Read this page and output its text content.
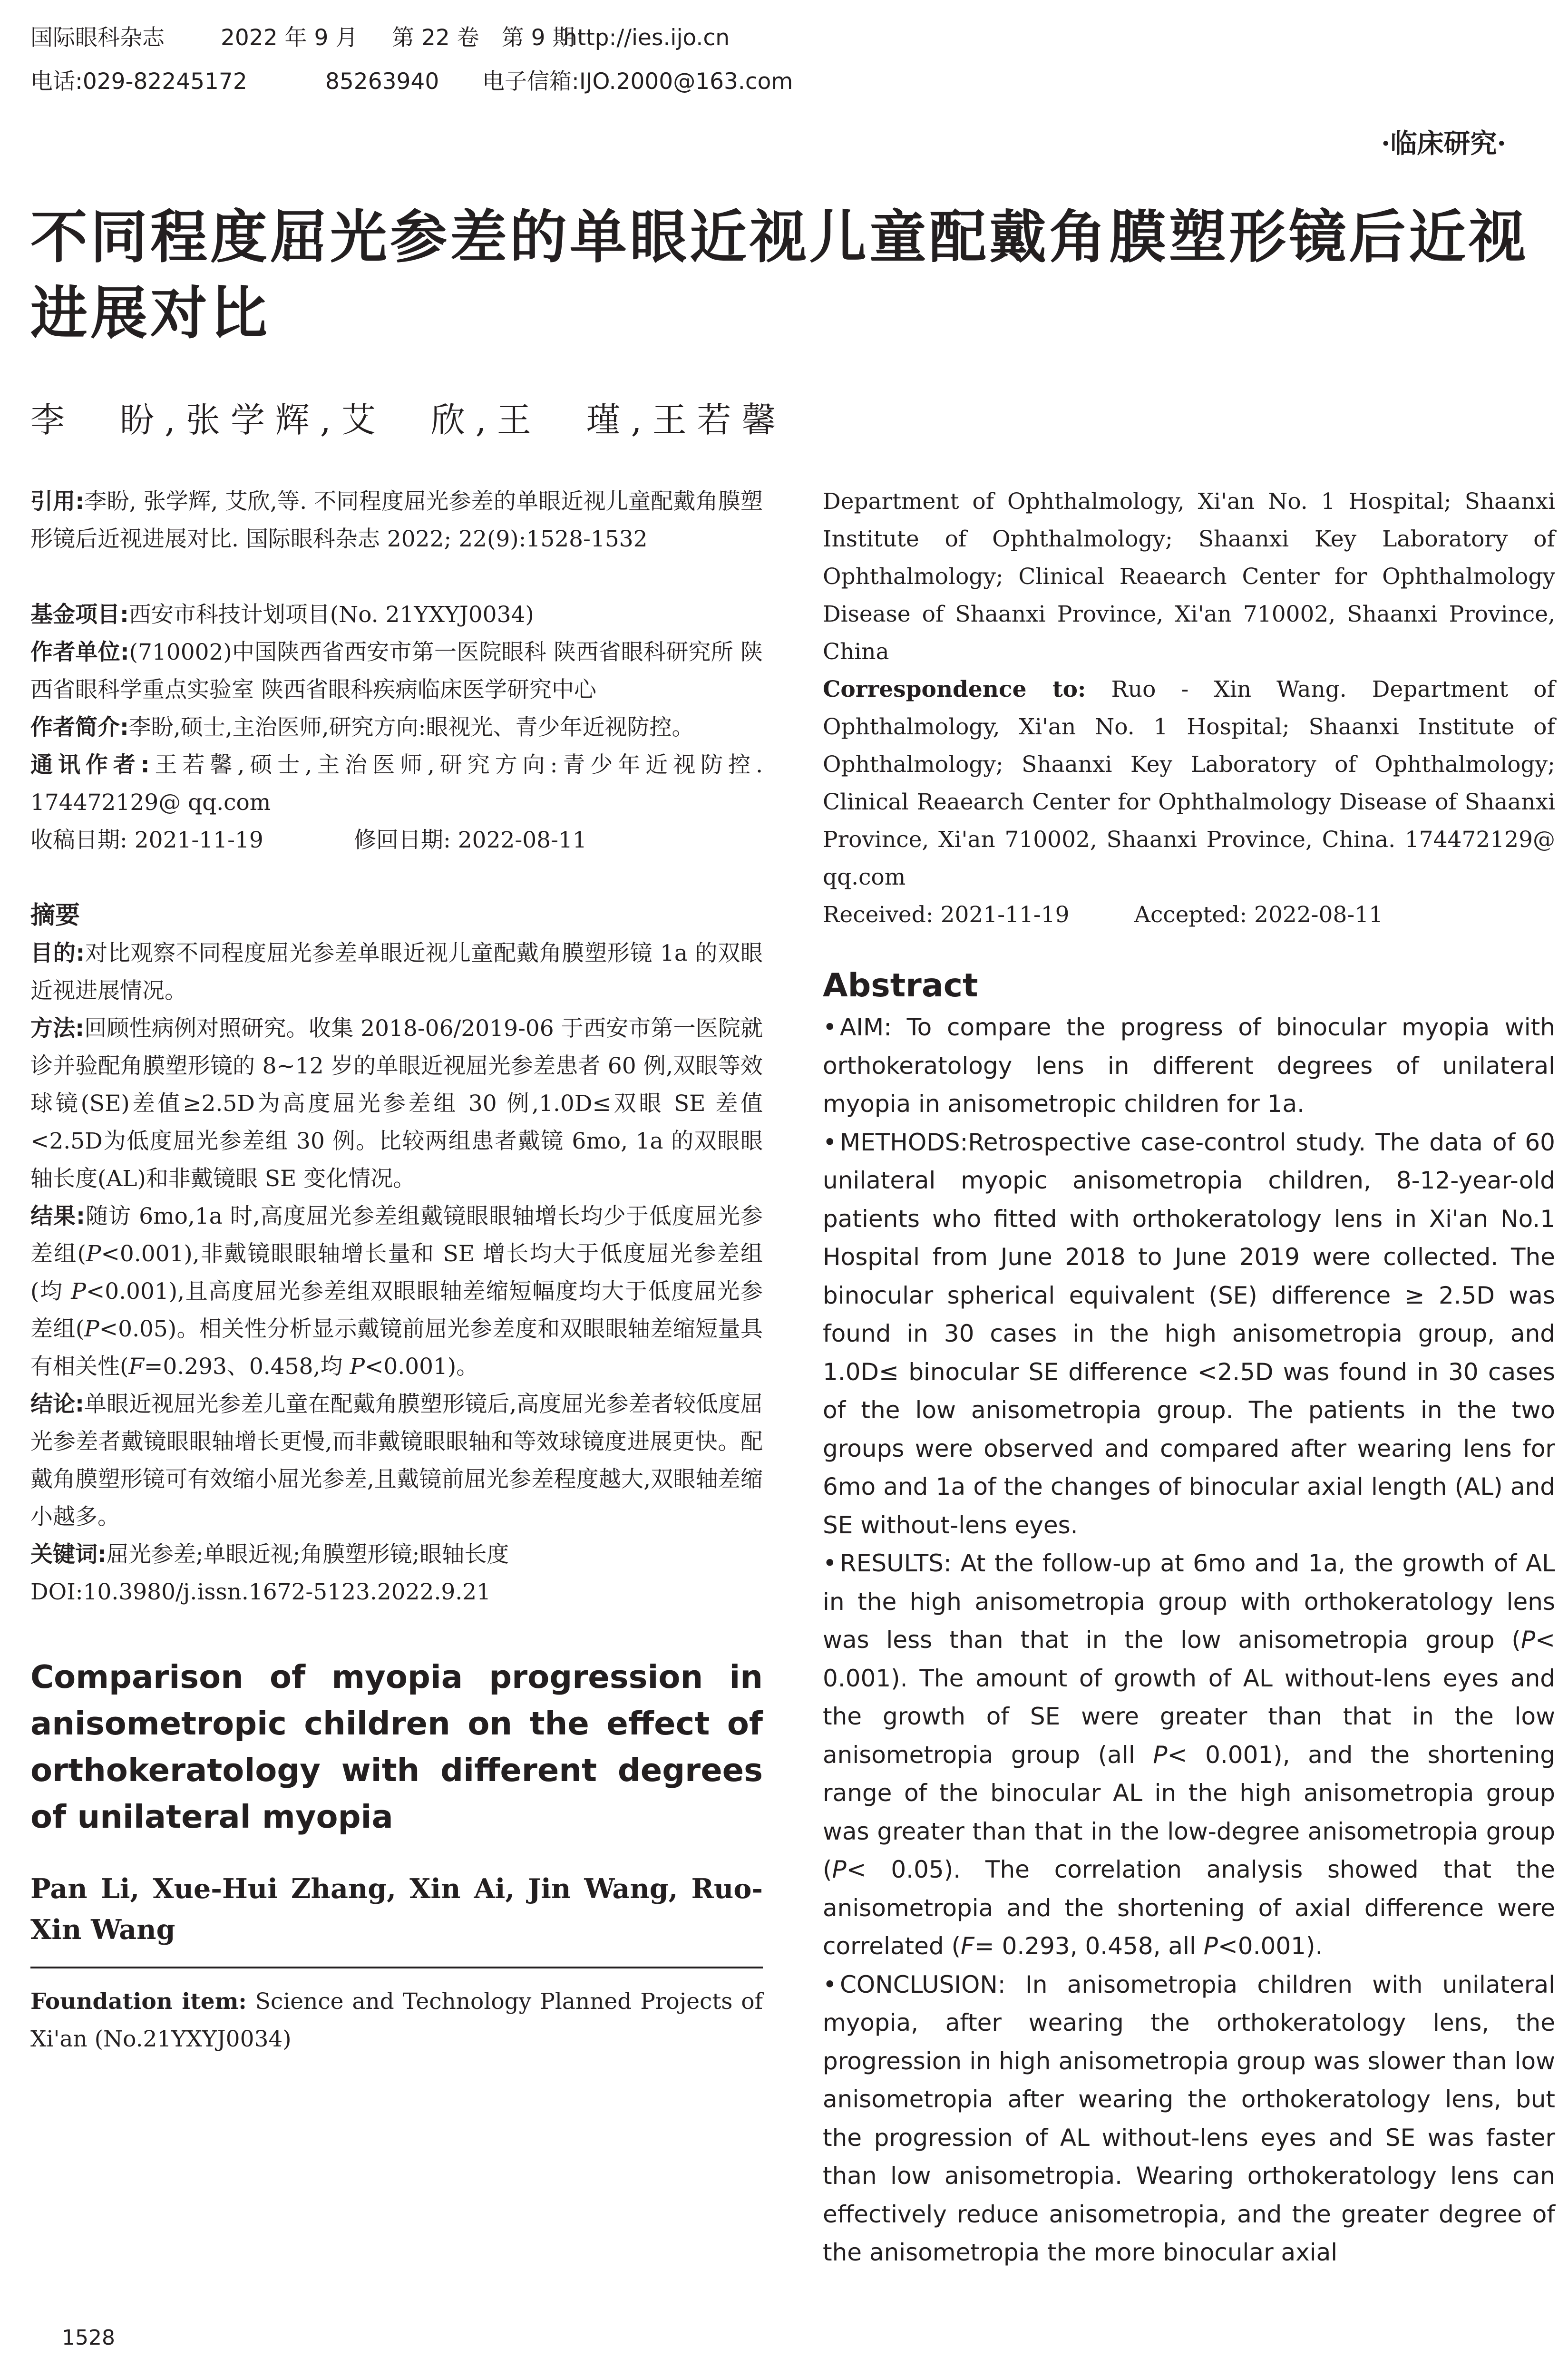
国际眼科杂志	2022 年 9 月 第 22 卷　 第 9 期http://ies.ijo.cn
电话:029-82245172	85263940 电子信箱:IJO.2000@163.com
·临床研究·
不同程度屈光参差的单眼近视儿童配戴角膜塑形镜后近视进展对比
李　盼,张学辉,艾　欣,王　瑾,王若馨

引用:李盼, 张学辉, 艾欣,等. 不同程度屈光参差的单眼近视儿童配戴角膜塑形镜后近视进展对比. 国际眼科杂志 2022; 22(9):1528-1532

基金项目:西安市科技计划项目(No. 21YXYJ0034)

作者单位:(710002)中国陕西省西安市第一医院眼科 陕西省眼科研究所 陕西省眼科学重点实验室 陕西省眼科疾病临床医学研究中心

作者简介:李盼,硕士,主治医师,研究方向:眼视光、青少年近视防控。

通讯作者:王若馨,硕士,主治医师,研究方向:青少年近视防控. 174472129@ qq.com

收稿日期: 2021-11-19	修回日期: 2022-08-11

摘要

目的:对比观察不同程度屈光参差单眼近视儿童配戴角膜塑形镜 1a 的双眼近视进展情况。

方法:回顾性病例对照研究。收集 2018-06/2019-06 于西安市第一医院就诊并验配角膜塑形镜的 8~12 岁的单眼近视屈光参差患者 60 例,双眼等效球镜(SE)差值≥2.5D为高度屈光参差组 30 例,1.0D≤双眼 SE 差值<2.5D为低度屈光参差组 30 例。比较两组患者戴镜 6mo, 1a 的双眼眼轴长度(AL)和非戴镜眼 SE 变化情况。

结果:随访 6mo,1a 时,高度屈光参差组戴镜眼眼轴增长均少于低度屈光参差组(P<0.001),非戴镜眼眼轴增长量和 SE 增长均大于低度屈光参差组(均 P<0.001),且高度屈光参差组双眼眼轴差缩短幅度均大于低度屈光参差组(P<0.05)。相关性分析显示戴镜前屈光参差度和双眼眼轴差缩短量具有相关性(F=0.293、0.458,均 P<0.001)。

结论:单眼近视屈光参差儿童在配戴角膜塑形镜后,高度屈光参差者较低度屈光参差者戴镜眼眼轴增长更慢,而非戴镜眼眼轴和等效球镜度进展更快。配戴角膜塑形镜可有效缩小屈光参差,且戴镜前屈光参差程度越大,双眼轴差缩小越多。

关键词:屈光参差;单眼近视;角膜塑形镜;眼轴长度

DOI:10.3980/j.issn.1672-5123.2022.9.21

Comparison of myopia progression in anisometropic children on the effect of orthokeratology with different degrees of unilateral myopia

Pan Li, Xue-Hui Zhang, Xin Ai, Jin Wang, Ruo-Xin Wang

Foundation item: Science and Technology Planned Projects of Xi'an (No.21YXYJ0034)

Department of Ophthalmology, Xi'an No. 1 Hospital; Shaanxi Institute of Ophthalmology; Shaanxi Key Laboratory of Ophthalmology; Clinical Reaearch Center for Ophthalmology Disease of Shaanxi Province, Xi'an 710002, Shaanxi Province, China

Correspondence to: Ruo - Xin Wang. Department of Ophthalmology, Xi'an No. 1 Hospital; Shaanxi Institute of Ophthalmology; Shaanxi Key Laboratory of Ophthalmology; Clinical Reaearch Center for Ophthalmology Disease of Shaanxi Province, Xi'an 710002, Shaanxi Province, China. 174472129@ qq.com

Received: 2021-11-19	Accepted: 2022-08-11

Abstract

• AIM: To compare the progress of binocular myopia with orthokeratology lens in different degrees of unilateral myopia in anisometropic children for 1a.

• METHODS:Retrospective case-control study. The data of 60 unilateral myopic anisometropia children, 8-12-year-old patients who fitted with orthokeratology lens in Xi'an No.1 Hospital from June 2018 to June 2019 were collected. The binocular spherical equivalent (SE) difference ≥ 2.5D was found in 30 cases in the high anisometropia group, and 1.0D≤ binocular SE difference <2.5D was found in 30 cases of the low anisometropia group. The patients in the two groups were observed and compared after wearing lens for 6mo and 1a of the changes of binocular axial length (AL) and SE without-lens eyes.

• RESULTS: At the follow-up at 6mo and 1a, the growth of AL in the high anisometropia group with orthokeratology lens was less than that in the low anisometropia group (P< 0.001). The amount of growth of AL without-lens eyes and the growth of SE were greater than that in the low anisometropia group (all P< 0.001), and the shortening range of the binocular AL in the high anisometropia group was greater than that in the low-degree anisometropia group (P< 0.05). The correlation analysis showed that the anisometropia and the shortening of axial difference were correlated (F= 0.293, 0.458, all P<0.001).

• CONCLUSION: In anisometropia children with unilateral myopia, after wearing the orthokeratology lens, the progression in high anisometropia group was slower than low anisometropia after wearing the orthokeratology lens, but the progression of AL without-lens eyes and SE was faster than low anisometropia. Wearing orthokeratology lens can effectively reduce anisometropia, and the greater degree of the anisometropia the more binocular axial

1528
